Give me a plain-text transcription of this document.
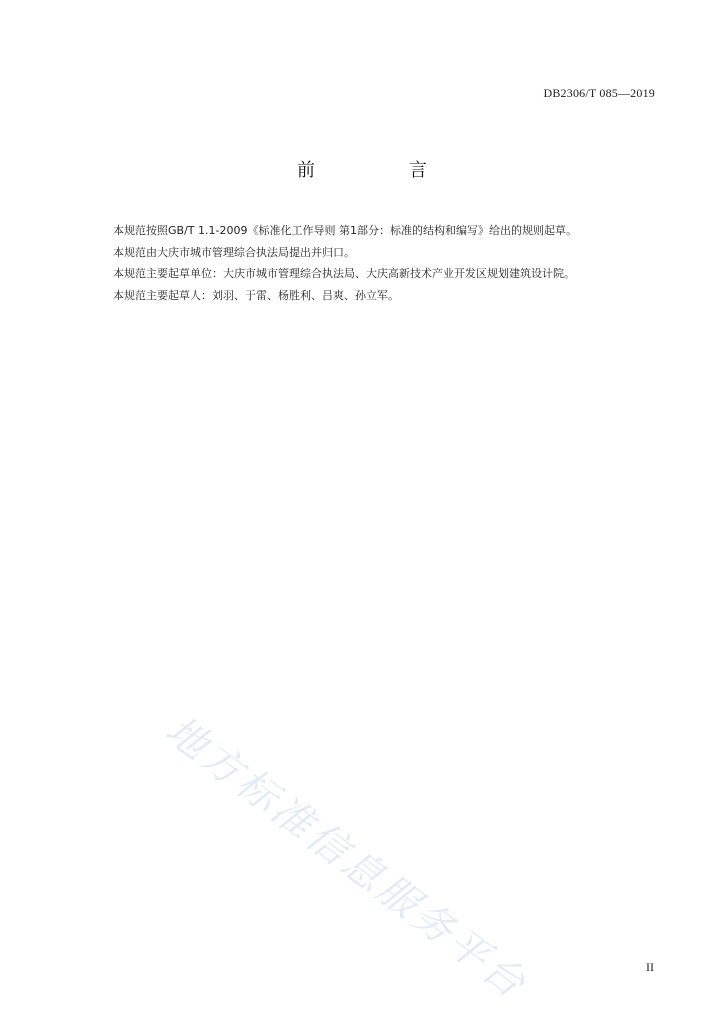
DB2306/T 085—2019
前　言

本规范按照GB/T 1.1-2009《标准化工作导则 第1部分：标准的结构和编写》给出的规则起草。

本规范由大庆市城市管理综合执法局提出并归口。

本规范主要起草单位：大庆市城市管理综合执法局、大庆高新技术产业开发区规划建筑设计院。

本规范主要起草人：刘羽、于雷、杨胜利、吕爽、孙立军。

地方标准信息服务平台	II
